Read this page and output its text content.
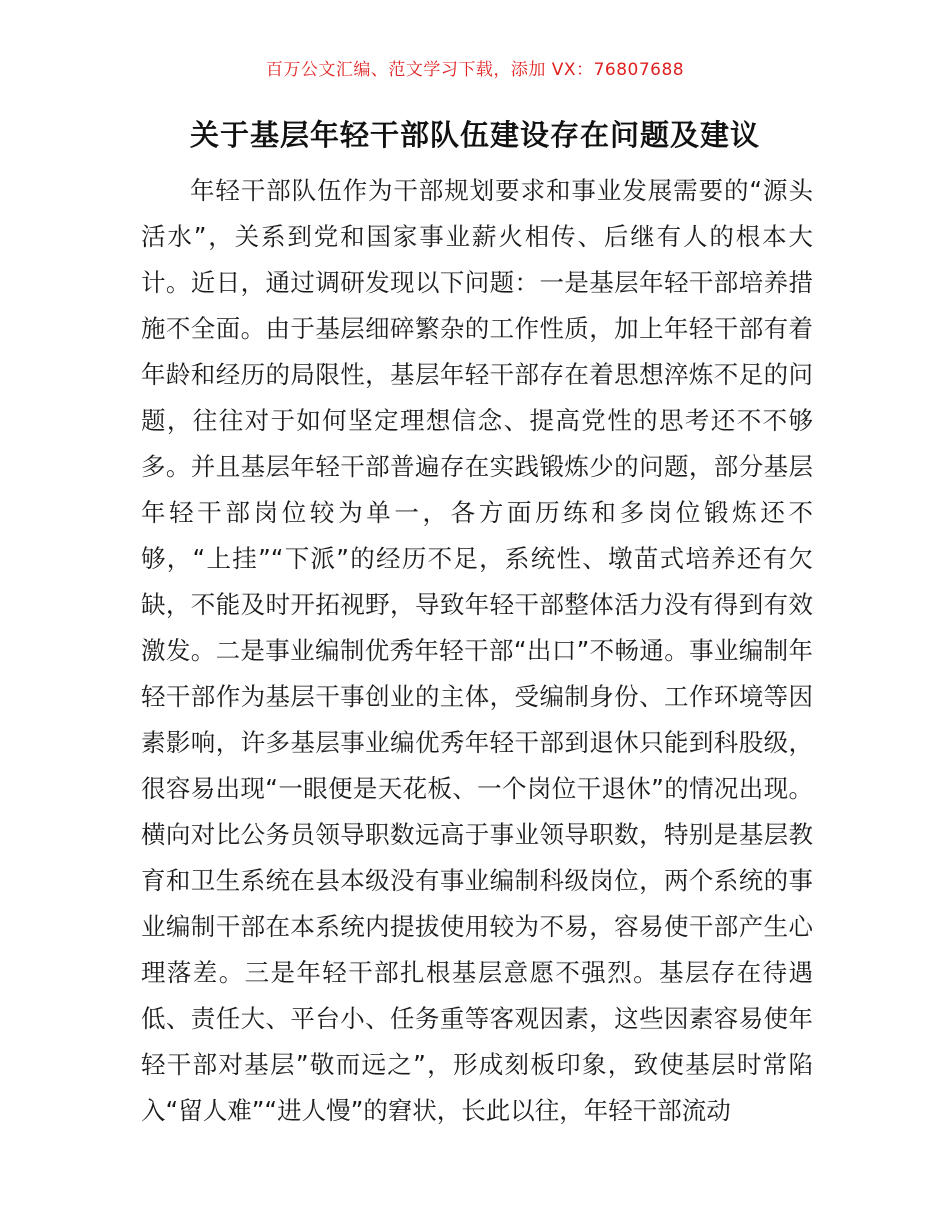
百万公文汇编、范文学习下载，添加 VX：76807688
关于基层年轻干部队伍建设存在问题及建议

年轻干部队伍作为干部规划要求和事业发展需要的“源头活水”，关系到党和国家事业薪火相传、后继有人的根本大计。近日，通过调研发现以下问题：一是基层年轻干部培养措施不全面。由于基层细碎繁杂的工作性质，加上年轻干部有着年龄和经历的局限性，基层年轻干部存在着思想淬炼不足的问题，往往对于如何坚定理想信念、提高党性的思考还不不够多。并且基层年轻干部普遍存在实践锻炼少的问题，部分基层年轻干部岗位较为单一，各方面历练和多岗位锻炼还不够，“上挂”“下派”的经历不足，系统性、墩苗式培养还有欠缺，不能及时开拓视野，导致年轻干部整体活力没有得到有效激发。二是事业编制优秀年轻干部“出口”不畅通。事业编制年轻干部作为基层干事创业的主体，受编制身份、工作环境等因素影响，许多基层事业编优秀年轻干部到退休只能到科股级，很容易出现“一眼便是天花板、一个岗位干退休”的情况出现。横向对比公务员领导职数远高于事业领导职数，特别是基层教育和卫生系统在县本级没有事业编制科级岗位，两个系统的事业编制干部在本系统内提拔使用较为不易，容易使干部产生心理落差。三是年轻干部扎根基层意愿不强烈。基层存在待遇低、责任大、平台小、任务重等客观因素，这些因素容易使年轻干部对基层”敬而远之”，形成刻板印象，致使基层时常陷入“留人难”“进人慢”的窘状，长此以往，年轻干部流动
